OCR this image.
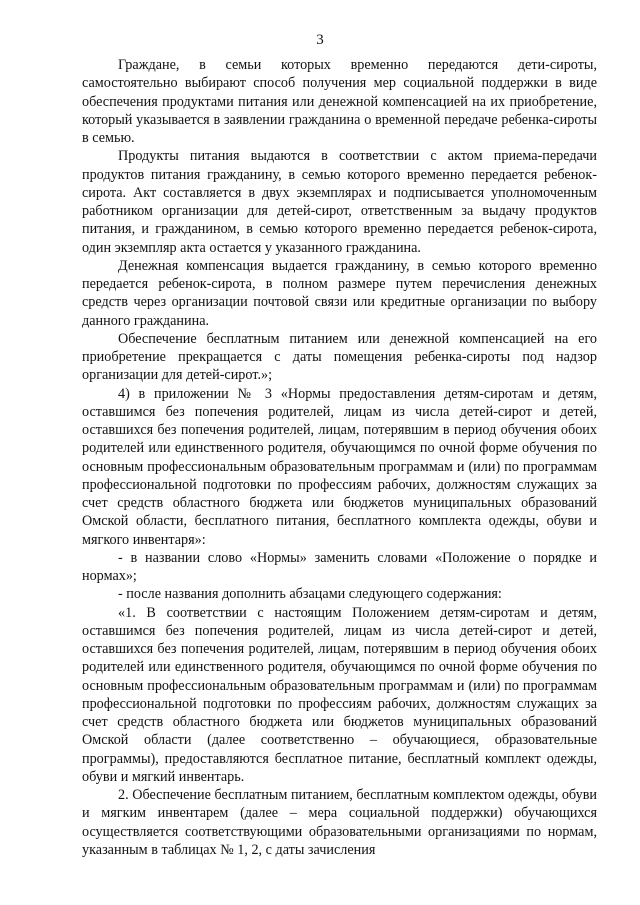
3

Граждане, в семьи которых временно передаются дети-сироты, самостоятельно выбирают способ получения мер социальной поддержки в виде обеспечения продуктами питания или денежной компенсацией на их приобретение, который указывается в заявлении гражданина о временной передаче ребенка-сироты в семью.

Продукты питания выдаются в соответствии с актом приема-передачи продуктов питания гражданину, в семью которого временно передается ребенок-сирота. Акт составляется в двух экземплярах и подписывается уполномоченным работником организации для детей-сирот, ответственным за выдачу продуктов питания, и гражданином, в семью которого временно передается ребенок-сирота, один экземпляр акта остается у указанного гражданина.

Денежная компенсация выдается гражданину, в семью которого временно передается ребенок-сирота, в полном размере путем перечисления денежных средств через организации почтовой связи или кредитные организации по выбору данного гражданина.

Обеспечение бесплатным питанием или денежной компенсацией на его приобретение прекращается с даты помещения ребенка-сироты под надзор организации для детей-сирот.»;

4) в приложении № 3 «Нормы предоставления детям-сиротам и детям, оставшимся без попечения родителей, лицам из числа детей-сирот и детей, оставшихся без попечения родителей, лицам, потерявшим в период обучения обоих родителей или единственного родителя, обучающимся по очной форме обучения по основным профессиональным образовательным программам и (или) по программам профессиональной подготовки по профессиям рабочих, должностям служащих за счет средств областного бюджета или бюджетов муниципальных образований Омской области, бесплатного питания, бесплатного комплекта одежды, обуви и мягкого инвентаря»:

- в названии слово «Нормы» заменить словами «Положение о порядке и нормах»;

- после названия дополнить абзацами следующего содержания:

«1. В соответствии с настоящим Положением детям-сиротам и детям, оставшимся без попечения родителей, лицам из числа детей-сирот и детей, оставшихся без попечения родителей, лицам, потерявшим в период обучения обоих родителей или единственного родителя, обучающимся по очной форме обучения по основным профессиональным образовательным программам и (или) по программам профессиональной подготовки по профессиям рабочих, должностям служащих за счет средств областного бюджета или бюджетов муниципальных образований Омской области (далее соответственно – обучающиеся, образовательные программы), предоставляются бесплатное питание, бесплатный комплект одежды, обуви и мягкий инвентарь.

2. Обеспечение бесплатным питанием, бесплатным комплектом одежды, обуви и мягким инвентарем (далее – мера социальной поддержки) обучающихся осуществляется соответствующими образовательными организациями по нормам, указанным в таблицах № 1, 2, с даты зачисления
